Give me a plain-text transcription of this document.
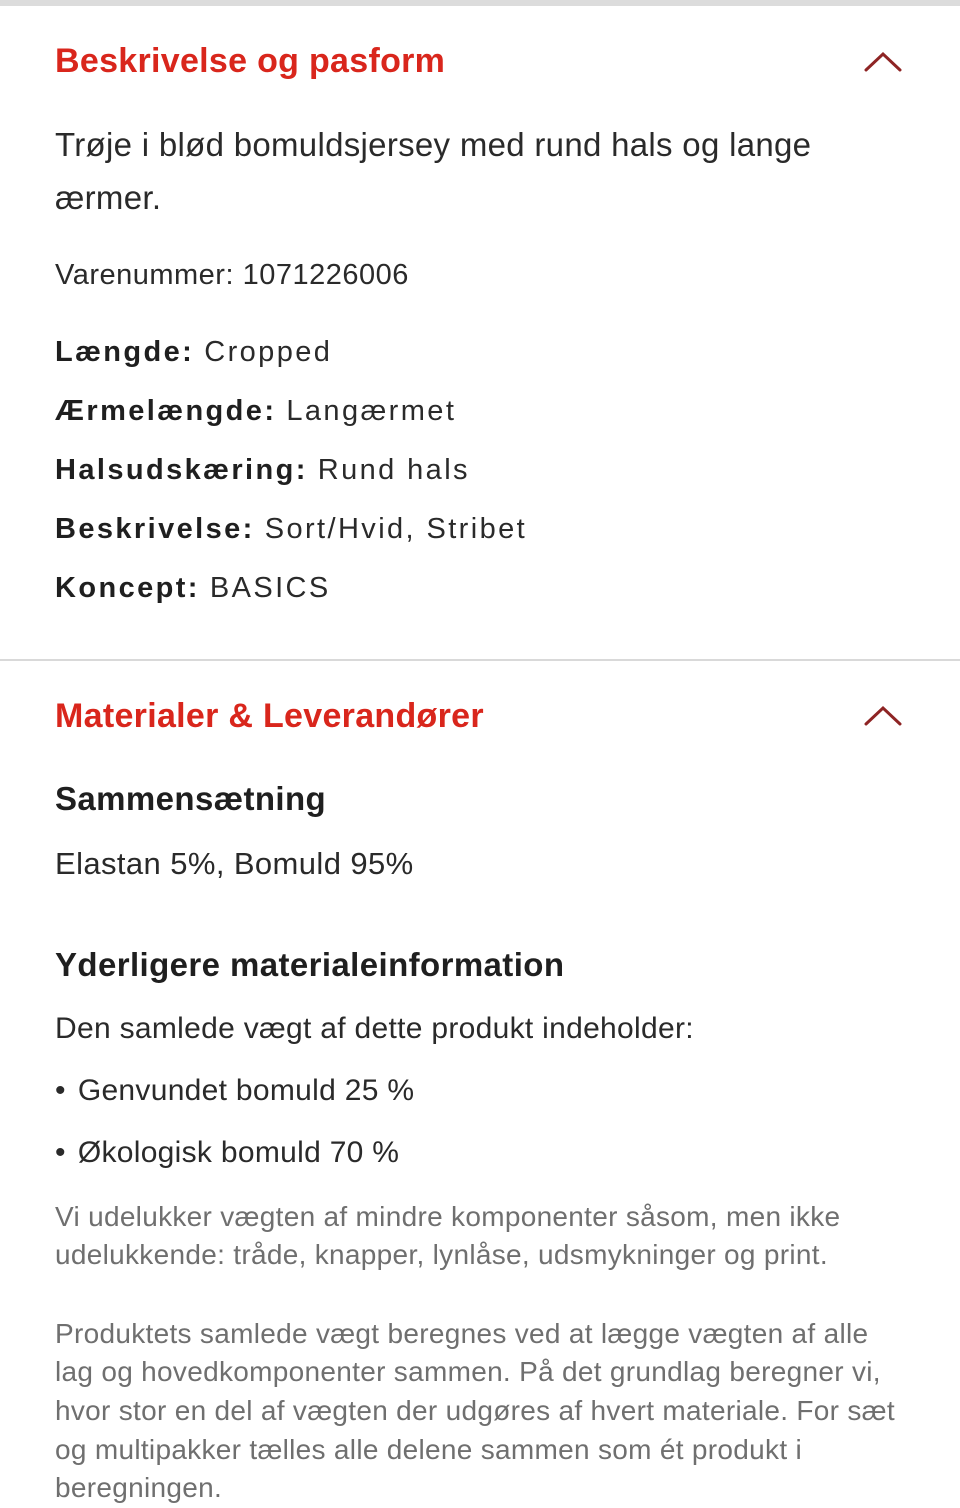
Beskrivelse og pasform

Trøje i blød bomuldsjersey med rund hals og lange ærmer.

Varenummer: 1071226006

Længde: Cropped
Ærmelængde: Langærmet
Halsudskæring: Rund hals
Beskrivelse: Sort/Hvid, Stribet
Koncept: BASICS
Materialer & Leverandører
Sammensætning

Elastan 5%, Bomuld 95%

Yderligere materialeinformation

Den samlede vægt af dette produkt indeholder:

• Genvundet bomuld 25 %
• Økologisk bomuld 70 %

Vi udelukker vægten af mindre komponenter såsom, men ikke udelukkende: tråde, knapper, lynlåse, udsmykninger og print.

Produktets samlede vægt beregnes ved at lægge vægten af alle lag og hovedkomponenter sammen. På det grundlag beregner vi, hvor stor en del af vægten der udgøres af hvert materiale. For sæt og multipakker tælles alle delene sammen som ét produkt i beregningen.
